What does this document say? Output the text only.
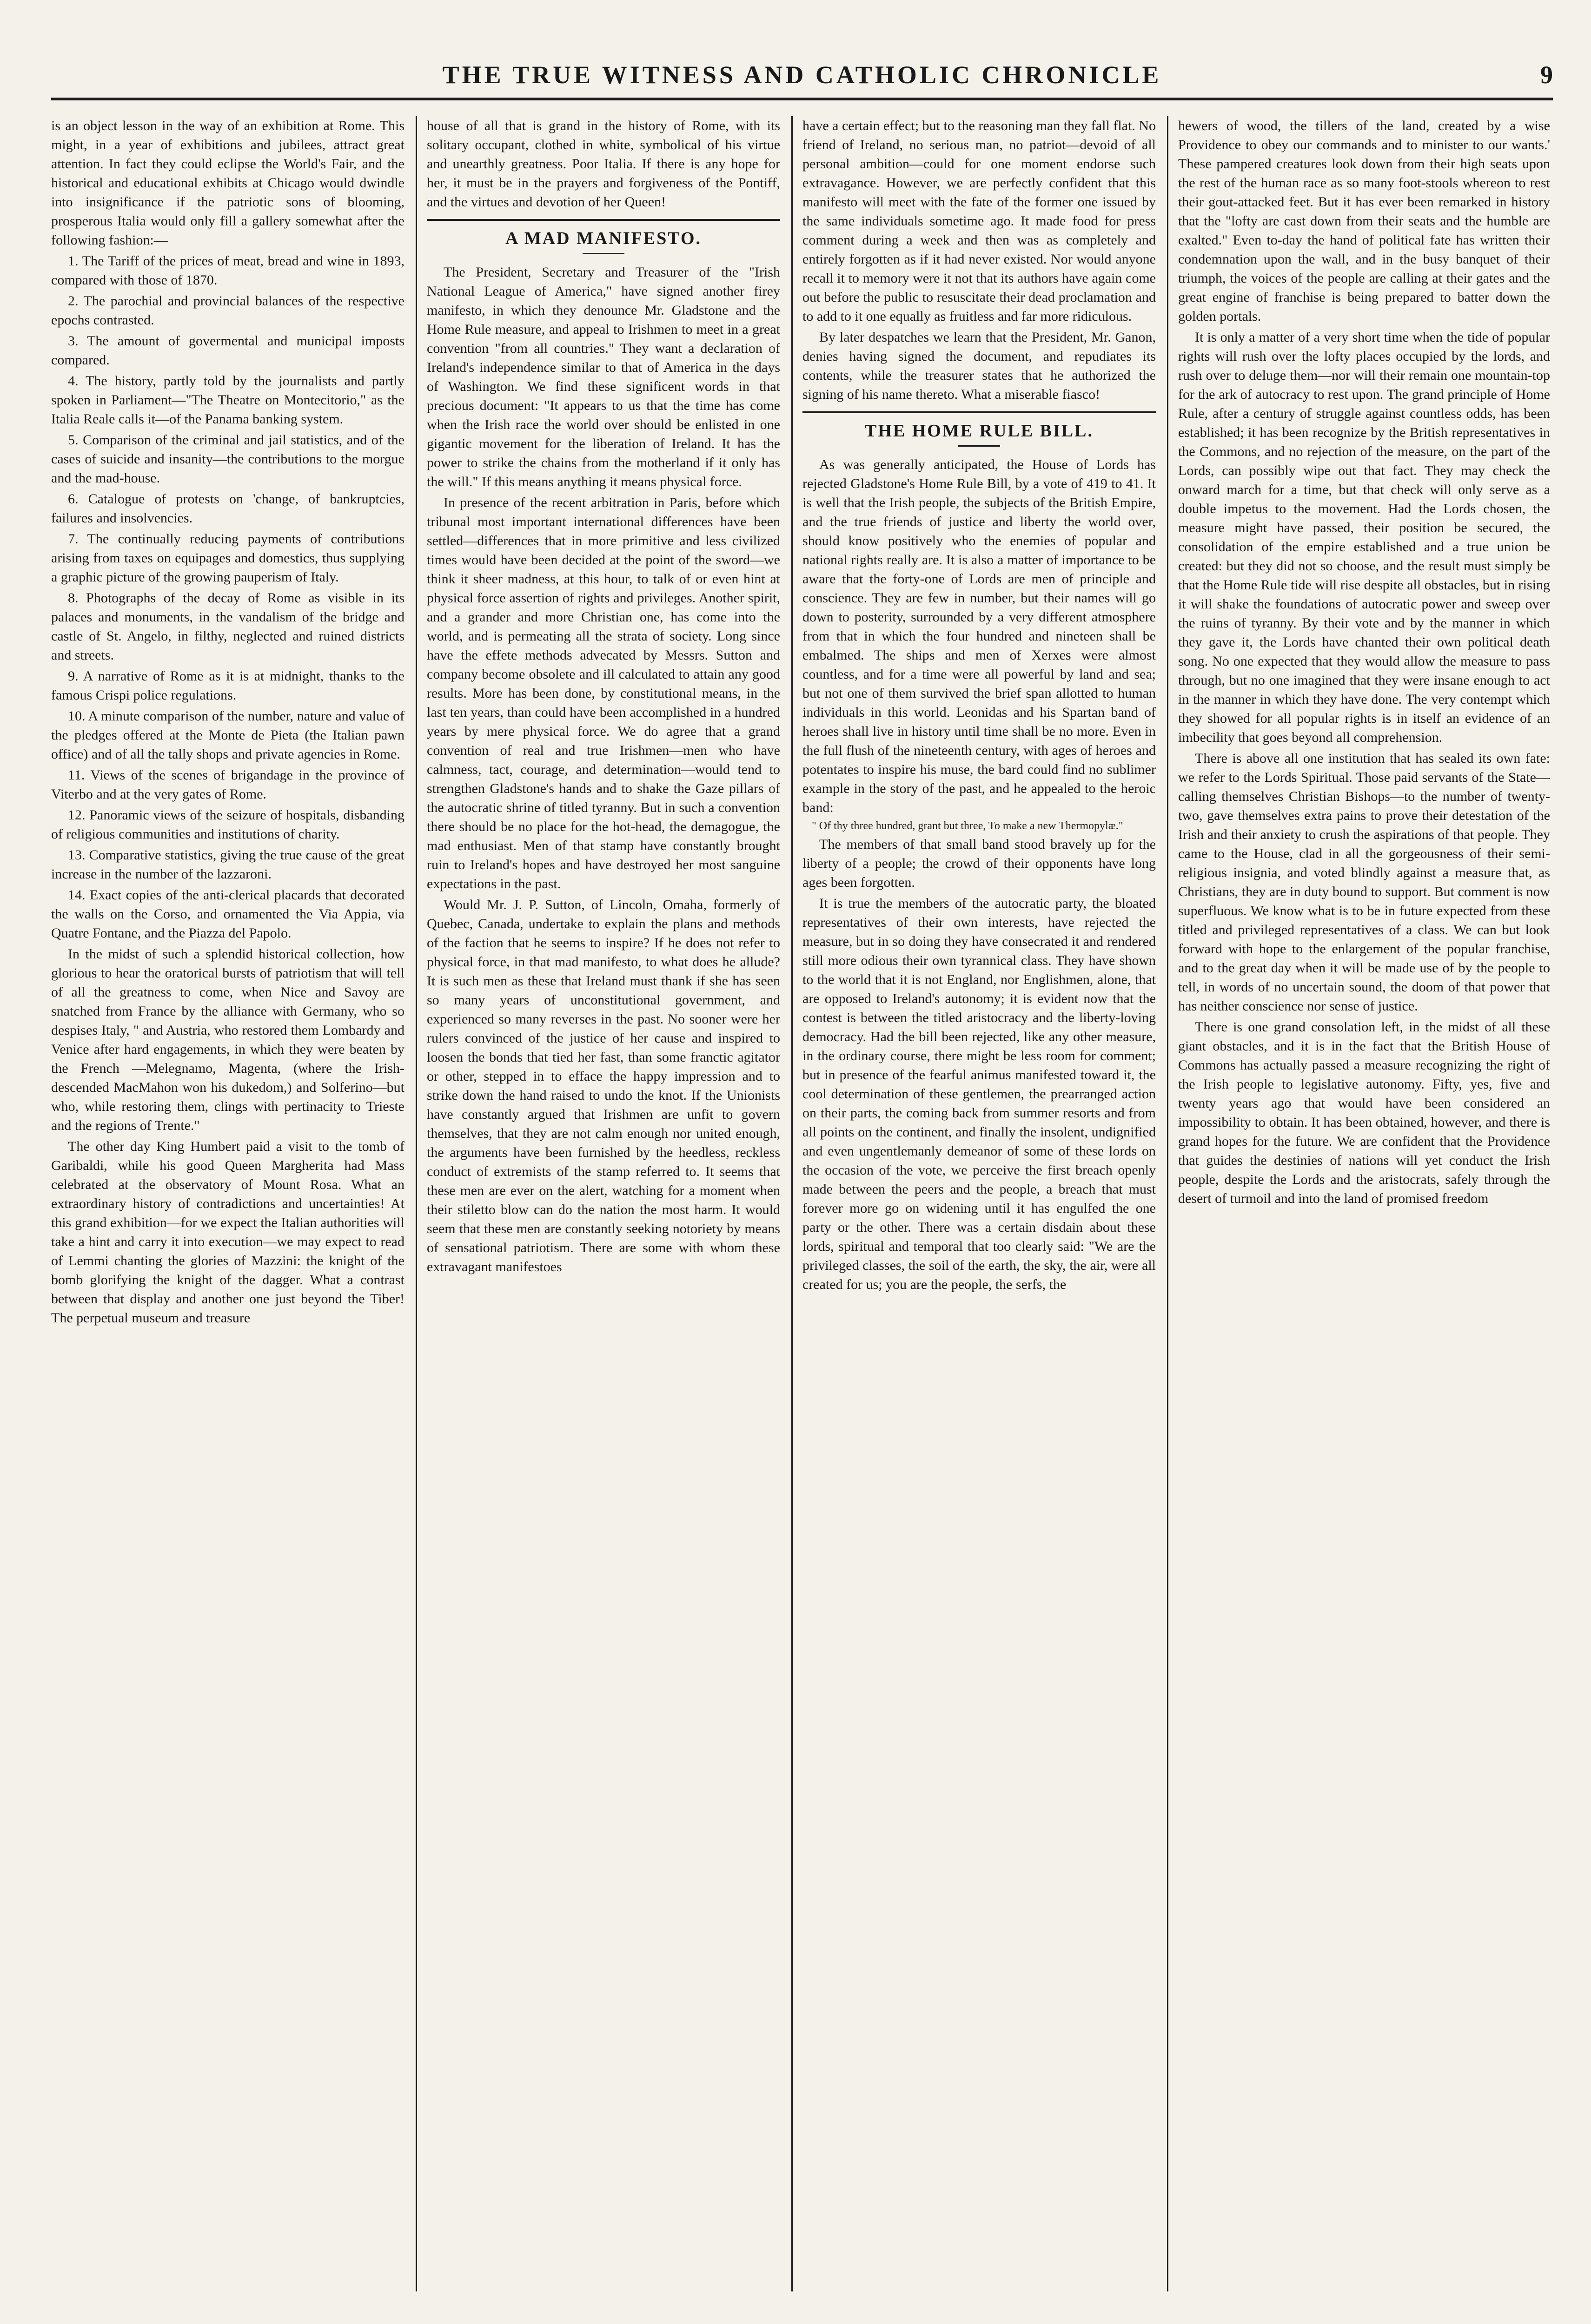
THE TRUE WITNESS AND CATHOLIC CHRONICLE	9

is an object lesson in the way of an exhibition at Rome. This might, in a year of exhibitions and jubilees, attract great attention. In fact they could eclipse the World's Fair, and the historical and educational exhibits at Chicago would dwindle into insignificance if the patriotic sons of blooming, prosperous Italia would only fill a gallery somewhat after the following fashion:—

1. The Tariff of the prices of meat, bread and wine in 1893, compared with those of 1870.

2. The parochial and provincial balances of the respective epochs contrasted.

3. The amount of govermental and municipal imposts compared.

4. The history, partly told by the journalists and partly spoken in Parliament—"The Theatre on Montecitorio," as the Italia Reale calls it—of the Panama banking system.

5. Comparison of the criminal and jail statistics, and of the cases of suicide and insanity—the contributions to the morgue and the mad-house.

6. Catalogue of protests on 'change, of bankruptcies, failures and insolvencies.

7. The continually reducing payments of contributions arising from taxes on equipages and domestics, thus supplying a graphic picture of the growing pauperism of Italy.

8. Photographs of the decay of Rome as visible in its palaces and monuments, in the vandalism of the bridge and castle of St. Angelo, in filthy, neglected and ruined districts and streets.

9. A narrative of Rome as it is at midnight, thanks to the famous Crispi police regulations.

10. A minute comparison of the number, nature and value of the pledges offered at the Monte de Pieta (the Italian pawn office) and of all the tally shops and private agencies in Rome.

11. Views of the scenes of brigandage in the province of Viterbo and at the very gates of Rome.

12. Panoramic views of the seizure of hospitals, disbanding of religious communities and institutions of charity.

13. Comparative statistics, giving the true cause of the great increase in the number of the lazzaroni.

14. Exact copies of the anti-clerical placards that decorated the walls on the Corso, and ornamented the Via Appia, via Quatre Fontane, and the Piazza del Papolo.

In the midst of such a splendid historical collection, how glorious to hear the oratorical bursts of patriotism that will tell of all the greatness to come, when Nice and Savoy are snatched from France by the alliance with Germany, who so despises Italy, " and Austria, who restored them Lombardy and Venice after hard engagements, in which they were beaten by the French —Melegnamo, Magenta, (where the Irish-descended MacMahon won his dukedom,) and Solferino—but who, while restoring them, clings with pertinacity to Trieste and the regions of Trente."

The other day King Humbert paid a visit to the tomb of Garibaldi, while his good Queen Margherita had Mass celebrated at the observatory of Mount Rosa. What an extraordinary history of contradictions and uncertainties! At this grand exhibition—for we expect the Italian authorities will take a hint and carry it into execution—we may expect to read of Lemmi chanting the glories of Mazzini: the knight of the bomb glorifying the knight of the dagger. What a contrast between that display and another one just beyond the Tiber! The perpetual museum and treasure

house of all that is grand in the history of Rome, with its solitary occupant, clothed in white, symbolical of his virtue and unearthly greatness. Poor Italia. If there is any hope for her, it must be in the prayers and forgiveness of the Pontiff, and the virtues and devotion of her Queen!

A MAD MANIFESTO.

The President, Secretary and Treasurer of the "Irish National League of America," have signed another firey manifesto, in which they denounce Mr. Gladstone and the Home Rule measure, and appeal to Irishmen to meet in a great convention "from all countries." They want a declaration of Ireland's independence similar to that of America in the days of Washington. We find these significent words in that precious document: "It appears to us that the time has come when the Irish race the world over should be enlisted in one gigantic movement for the liberation of Ireland. It has the power to strike the chains from the motherland if it only has the will." If this means anything it means physical force.

In presence of the recent arbitration in Paris, before which tribunal most important international differences have been settled—differences that in more primitive and less civilized times would have been decided at the point of the sword—we think it sheer madness, at this hour, to talk of or even hint at physical force assertion of rights and privileges. Another spirit, and a grander and more Christian one, has come into the world, and is permeating all the strata of society. Long since have the effete methods advecated by Messrs. Sutton and company become obsolete and ill calculated to attain any good results. More has been done, by constitutional means, in the last ten years, than could have been accomplished in a hundred years by mere physical force. We do agree that a grand convention of real and true Irishmen—men who have calmness, tact, courage, and determination—would tend to strengthen Gladstone's hands and to shake the Gaze pillars of the autocratic shrine of titled tyranny. But in such a convention there should be no place for the hot-head, the demagogue, the mad enthusiast. Men of that stamp have constantly brought ruin to Ireland's hopes and have destroyed her most sanguine expectations in the past.

Would Mr. J. P. Sutton, of Lincoln, Omaha, formerly of Quebec, Canada, undertake to explain the plans and methods of the faction that he seems to inspire? If he does not refer to physical force, in that mad manifesto, to what does he allude? It is such men as these that Ireland must thank if she has seen so many years of unconstitutional government, and experienced so many reverses in the past. No sooner were her rulers convinced of the justice of her cause and inspired to loosen the bonds that tied her fast, than some franctic agitator or other, stepped in to efface the happy impression and to strike down the hand raised to undo the knot. If the Unionists have constantly argued that Irishmen are unfit to govern themselves, that they are not calm enough nor united enough, the arguments have been furnished by the heedless, reckless conduct of extremists of the stamp referred to. It seems that these men are ever on the alert, watching for a moment when their stiletto blow can do the nation the most harm. It would seem that these men are constantly seeking notoriety by means of sensational patriotism. There are some with whom these extravagant manifestoes

have a certain effect; but to the reasoning man they fall flat. No friend of Ireland, no serious man, no patriot—devoid of all personal ambition—could for one moment endorse such extravagance. However, we are perfectly confident that this manifesto will meet with the fate of the former one issued by the same individuals sometime ago. It made food for press comment during a week and then was as completely and entirely forgotten as if it had never existed. Nor would anyone recall it to memory were it not that its authors have again come out before the public to resuscitate their dead proclamation and to add to it one equally as fruitless and far more ridiculous.

By later despatches we learn that the President, Mr. Ganon, denies having signed the document, and repudiates its contents, while the treasurer states that he authorized the signing of his name thereto. What a miserable fiasco!

THE HOME RULE BILL.

As was generally anticipated, the House of Lords has rejected Gladstone's Home Rule Bill, by a vote of 419 to 41. It is well that the Irish people, the subjects of the British Empire, and the true friends of justice and liberty the world over, should know positively who the enemies of popular and national rights really are. It is also a matter of importance to be aware that the forty-one of Lords are men of principle and conscience. They are few in number, but their names will go down to posterity, surrounded by a very different atmosphere from that in which the four hundred and nineteen shall be embalmed. The ships and men of Xerxes were almost countless, and for a time were all powerful by land and sea; but not one of them survived the brief span allotted to human individuals in this world. Leonidas and his Spartan band of heroes shall live in history until time shall be no more. Even in the full flush of the nineteenth century, with ages of heroes and potentates to inspire his muse, the bard could find no sublimer example in the story of the past, and he appealed to the heroic band:

" Of thy three hundred, grant but three, To make a new Thermopylæ."

The members of that small band stood bravely up for the liberty of a people; the crowd of their opponents have long ages been forgotten.

It is true the members of the autocratic party, the bloated representatives of their own interests, have rejected the measure, but in so doing they have consecrated it and rendered still more odious their own tyrannical class. They have shown to the world that it is not England, nor Englishmen, alone, that are opposed to Ireland's autonomy; it is evident now that the contest is between the titled aristocracy and the liberty-loving democracy. Had the bill been rejected, like any other measure, in the ordinary course, there might be less room for comment; but in presence of the fearful animus manifested toward it, the cool determination of these gentlemen, the prearranged action on their parts, the coming back from summer resorts and from all points on the continent, and finally the insolent, undignified and even ungentlemanly demeanor of some of these lords on the occasion of the vote, we perceive the first breach openly made between the peers and the people, a breach that must forever more go on widening until it has engulfed the one party or the other. There was a certain disdain about these lords, spiritual and temporal that too clearly said: "We are the privileged classes, the soil of the earth, the sky, the air, were all created for us; you are the people, the serfs, the

hewers of wood, the tillers of the land, created by a wise Providence to obey our commands and to minister to our wants.' These pampered creatures look down from their high seats upon the rest of the human race as so many foot-stools whereon to rest their gout-attacked feet. But it has ever been remarked in history that the "lofty are cast down from their seats and the humble are exalted." Even to-day the hand of political fate has written their condemnation upon the wall, and in the busy banquet of their triumph, the voices of the people are calling at their gates and the great engine of franchise is being prepared to batter down the golden portals.

It is only a matter of a very short time when the tide of popular rights will rush over the lofty places occupied by the lords, and rush over to deluge them—nor will their remain one mountain-top for the ark of autocracy to rest upon. The grand principle of Home Rule, after a century of struggle against countless odds, has been established; it has been recognize by the British representatives in the Commons, and no rejection of the measure, on the part of the Lords, can possibly wipe out that fact. They may check the onward march for a time, but that check will only serve as a double impetus to the movement. Had the Lords chosen, the measure might have passed, their position be secured, the consolidation of the empire established and a true union be created: but they did not so choose, and the result must simply be that the Home Rule tide will rise despite all obstacles, but in rising it will shake the foundations of autocratic power and sweep over the ruins of tyranny. By their vote and by the manner in which they gave it, the Lords have chanted their own political death song. No one expected that they would allow the measure to pass through, but no one imagined that they were insane enough to act in the manner in which they have done. The very contempt which they showed for all popular rights is in itself an evidence of an imbecility that goes beyond all comprehension.

There is above all one institution that has sealed its own fate: we refer to the Lords Spiritual. Those paid servants of the State—calling themselves Christian Bishops—to the number of twenty-two, gave themselves extra pains to prove their detestation of the Irish and their anxiety to crush the aspirations of that people. They came to the House, clad in all the gorgeousness of their semi-religious insignia, and voted blindly against a measure that, as Christians, they are in duty bound to support. But comment is now superfluous. We know what is to be in future expected from these titled and privileged representatives of a class. We can but look forward with hope to the enlargement of the popular franchise, and to the great day when it will be made use of by the people to tell, in words of no uncertain sound, the doom of that power that has neither conscience nor sense of justice.

There is one grand consolation left, in the midst of all these giant obstacles, and it is in the fact that the British House of Commons has actually passed a measure recognizing the right of the Irish people to legislative autonomy. Fifty, yes, five and twenty years ago that would have been considered an impossibility to obtain. It has been obtained, however, and there is grand hopes for the future. We are confident that the Providence that guides the destinies of nations will yet conduct the Irish people, despite the Lords and the aristocrats, safely through the desert of turmoil and into the land of promised freedom
